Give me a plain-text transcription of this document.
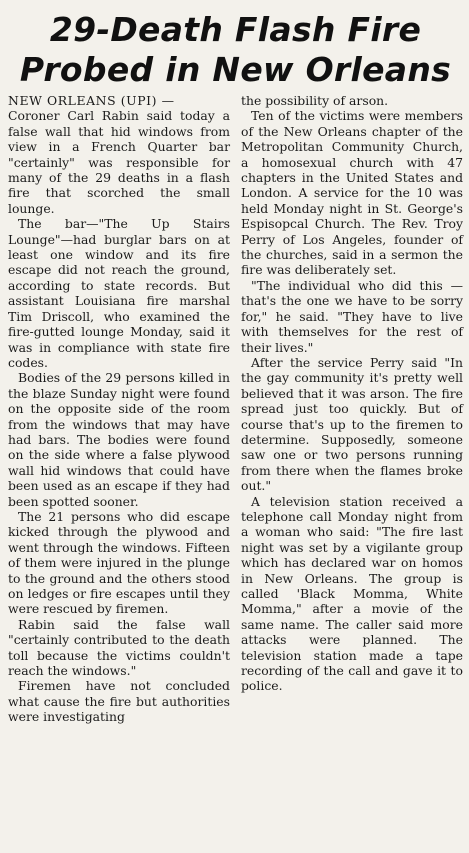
29-Death Flash Fire
Probed in New Orleans

NEW ORLEANS (UPI) —

Coroner Carl Rabin said today a false wall that hid windows from view in a French Quarter bar "certainly" was responsible for many of the 29 deaths in a flash fire that scorched the small lounge.

The bar—"The Up Stairs Lounge"—had burglar bars on at least one window and its fire escape did not reach the ground, according to state records. But assistant Louisiana fire marshal Tim Driscoll, who examined the fire-gutted lounge Monday, said it was in compliance with state fire codes.

Bodies of the 29 persons killed in the blaze Sunday night were found on the opposite side of the room from the windows that may have had bars. The bodies were found on the side where a false plywood wall hid windows that could have been used as an escape if they had been spotted sooner.

The 21 persons who did escape kicked through the plywood and went through the windows. Fifteen of them were injured in the plunge to the ground and the others stood on ledges or fire escapes until they were rescued by firemen.

Rabin said the false wall "certainly contributed to the death toll because the victims couldn't reach the windows."

Firemen have not concluded what cause the fire but authorities were investigating

the possibility of arson.

Ten of the victims were members of the New Orleans chapter of the Metropolitan Community Church, a homosexual church with 47 chapters in the United States and London. A service for the 10 was held Monday night in St. George's Espisopcal Church. The Rev. Troy Perry of Los Angeles, founder of the churches, said in a sermon the fire was deliberately set.

"The individual who did this —that's the one we have to be sorry for," he said. "They have to live with themselves for the rest of their lives."

After the service Perry said "In the gay community it's pretty well believed that it was arson. The fire spread just too quickly. But of course that's up to the firemen to determine. Supposedly, someone saw one or two persons running from there when the flames broke out."

A television station received a telephone call Monday night from a woman who said: "The fire last night was set by a vigilante group which has declared war on homos in New Orleans. The group is called 'Black Momma, White Momma," after a movie of the same name. The caller said more attacks were planned. The television station made a tape recording of the call and gave it to police.
